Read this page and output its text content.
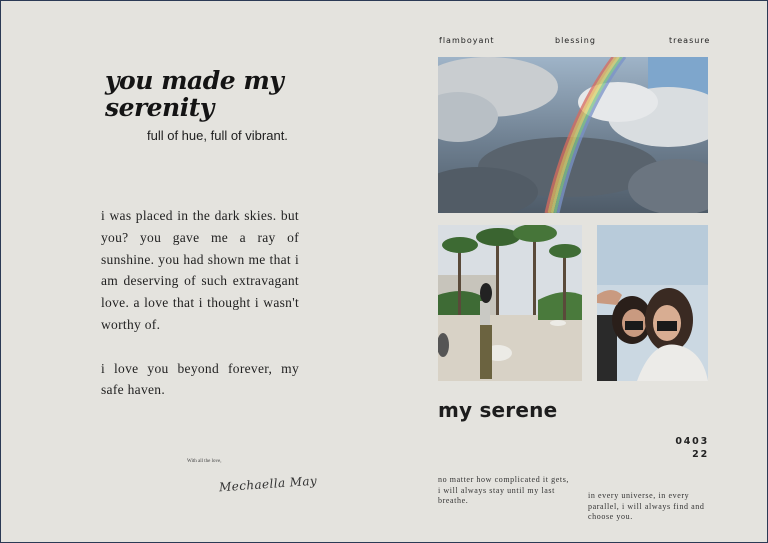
you made my serenity
full of hue, full of vibrant.

i was placed in the dark skies. but you? you gave me a ray of sunshine. you had shown me that i am deserving of such extravagant love. a love that i thought i wasn't worthy of.

i love you beyond forever, my safe haven.

With all the love,
Mechaella May
flamboyant	blessing	treasure
my serene
0403
22
no matter how complicated it gets, i will always stay until my last breathe.
in every universe, in every parallel, i will always find and choose you.
